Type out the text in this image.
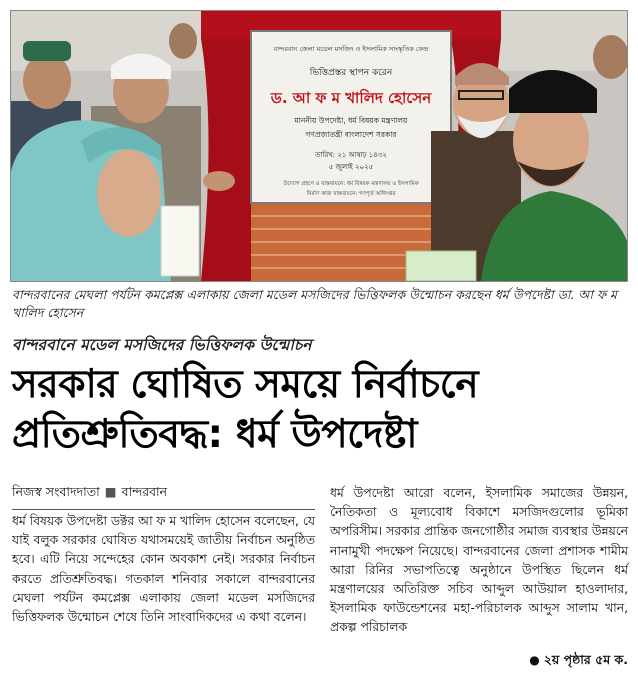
বান্দরবান জেলা মডেল মসজিদ ও ইসলামিক সাংস্কৃতিক কেন্দ্র
ভিত্তিপ্রস্তর স্থাপন করেন
ড. আ ফ ম খালিদ হোসেন
মাননীয় উপদেষ্টা, ধর্ম বিষয়ক মন্ত্রণালয়
গণপ্রজাতন্ত্রী বাংলাদেশ সরকার
তারিখ: ২১ আষাঢ় ১৪৩২
৫ জুলাই ২০২৫
উদ্যোগ গ্রহণে ও বাস্তবায়নে: ধর্ম বিষয়ক মন্ত্রণালয় ও ইসলামিক
নির্মাণ কাজ বাস্তবায়নে: গণপূর্ত অধিদপ্তর
বান্দরবানের মেঘলা পর্যটন কমপ্লেক্স এলাকায় জেলা মডেল মসজিদের ভিত্তিফলক উন্মোচন করছেন ধর্ম উপদেষ্টা ডা. আ ফ ম খালিদ হোসেন
বান্দরবানে মডেল মসজিদের ভিত্তিফলক উন্মোচন
সরকার ঘোষিত সময়ে নির্বাচনে
প্রতিশ্রুতিবদ্ধ: ধর্ম উপদেষ্টা
নিজস্ব সংবাদদাতা ■ বান্দরবান
ধর্ম বিষয়ক উপদেষ্টা ডক্টর আ ফ ম খালিদ হোসেন বলেছেন, যে যাই বলুক সরকার ঘোষিত যথাসময়েই জাতীয় নির্বাচন অনুষ্ঠিত হবে। এটি নিয়ে সন্দেহের কোন অবকাশ নেই। সরকার নির্বাচন করতে প্রতিশ্রুতিবদ্ধ। গতকাল শনিবার সকালে বান্দরবানের মেঘলা পর্যটন কমপ্লেক্স এলাকায় জেলা মডেল মসজিদের ভিত্তিফলক উন্মোচন শেষে তিনি সাংবাদিকদের এ কথা বলেন।
ধর্ম উপদেষ্টা আরো বলেন, ইসলামিক সমাজের উন্নয়ন, নৈতিকতা ও মূল্যবোধ বিকাশে মসজিদগুলোর ভূমিকা অপরিসীম। সরকার প্রান্তিক জনগোষ্ঠীর সমাজ ব্যবস্থার উন্নয়নে নানামুখী পদক্ষেপ নিয়েছে। বান্দরবানের জেলা প্রশাসক শামীম আরা রিনির সভাপতিত্বে অনুষ্ঠানে উপস্থিত ছিলেন ধর্ম মন্ত্রণালয়ের অতিরিক্ত সচিব আব্দুল আউয়াল হাওলাদার, ইসলামিক ফাউন্ডেশনের মহা-পরিচালক আব্দুস সালাম খান, প্রকল্প পরিচালক
● ২য় পৃষ্ঠার ৫ম ক.
